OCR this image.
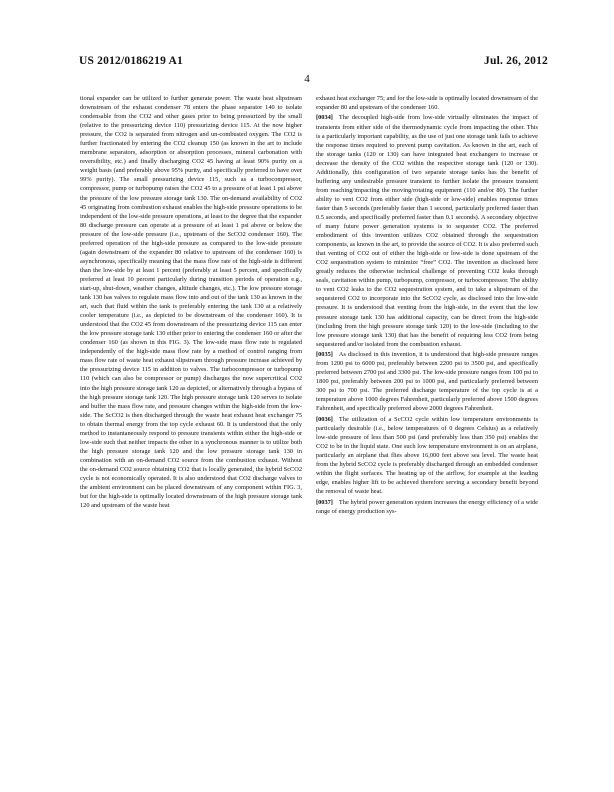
US 2012/0186219 A1	Jul. 26, 2012
4

tional expander can be utilized to further generate power. The waste heat slipstream downstream of the exhaust condenser 78 enters the phase separator 140 to isolate condensable from the CO2 and other gases prior to being pressurized by the small (relative to the pressurizing device 110) pressurizing device 115. At the now higher pressure, the CO2 is separated from nitrogen and un-combusted oxygen. The CO2 is further fractionated by entering the CO2 cleanup 150 (as known in the art to include membrane separators, adsorption or absorption processes, mineral carbonation with reversibility, etc.) and finally discharging CO2 45 having at least 90% purity on a weight basis (and preferably above 95% purity, and specifically preferred to have over 99% purity). The small pressurizing device 115, such as a turbocompressor, compressor, pump or turbopump raises the CO2 45 to a pressure of at least 1 psi above the pressure of the low pressure storage tank 130. The on-demand availability of CO2 45 originating from combustion exhaust enables the high-side pressure operations to be independent of the low-side pressure operations, at least to the degree that the expander 80 discharge pressure can operate at a pressure of at least 1 psi above or below the pressure of the low-side pressure (i.e., upstream of the ScCO2 condenser 160). The preferred operation of the high-side pressure as compared to the low-side pressure (again downstream of the expander 80 relative to upstream of the condenser 160) is asynchronous, specifically meaning that the mass flow rate of the high-side is different than the low-side by at least 1 percent (preferably at least 5 percent, and specifically preferred at least 10 percent particularly during transition periods of operation e.g., start-up, shut-down, weather changes, altitude changes, etc.). The low pressure storage tank 130 has valves to regulate mass flow into and out of the tank 130 as known in the art, such that fluid within the tank is preferably entering the tank 130 at a relatively cooler temperature (i.e., as depicted to be downstream of the condenser 160). It is understood that the CO2 45 from downstream of the pressurizing device 115 can enter the low pressure storage tank 130 either prior to entering the condenser 160 or after the condenser 160 (as shown in this FIG. 3). The low-side mass flow rate is regulated independently of the high-side mass flow rate by a method of control ranging from mass flow rate of waste heat exhaust slipstream through pressure increase achieved by the pressurizing device 115 in addition to valves. The turbocompressor or turbopump 110 (which can also be compressor or pump) discharges the now supercritical CO2 into the high pressure storage tank 120 as depicted, or alternatively through a bypass of the high pressure storage tank 120. The high pressure storage tank 120 serves to isolate and buffer the mass flow rate, and pressure changes within the high-side from the low-side. The ScCO2 is then discharged through the waste heat exhaust heat exchanger 75 to obtain thermal energy from the top cycle exhaust 60. It is understood that the only method to instantaneously respond to pressure transients within either the high-side or low-side such that neither impacts the other in a synchronous manner is to utilize both the high pressure storage tank 120 and the low pressure storage tank 130 in combination with an on-demand CO2 source from the combustion exhaust. Without the on-demand CO2 source obtaining CO2 that is locally generated, the hybrid ScCO2 cycle is not economically operated. It is also understood that CO2 discharge valves to the ambient environment can be placed downstream of any component within FIG. 3, but for the high-side is optimally located downstream of the high pressure storage tank 120 and upstream of the waste heat

exhaust heat exchanger 75; and for the low-side is optimally located downstream of the expander 80 and upstream of the condenser 160.

[0034] The decoupled high-side from low-side virtually eliminates the impact of transients from either side of the thermodynamic cycle from impacting the other. This is a particularly important capability, as the use of just one storage tank fails to achieve the response times required to prevent pump cavitation. As known in the art, each of the storage tanks (120 or 130) can have integrated heat exchangers to increase or decrease the density of the CO2 within the respective storage tank (120 or 130). Additionally, this configuration of two separate storage tanks has the benefit of buffering any undesirable pressure transient to further isolate the pressure transient from reaching/impacting the moving/rotating equipment (110 and/or 80). The further ability to vent CO2 from either side (high-side or low-side) enables response times faster than 5 seconds (preferably faster than 1 second, particularly preferred faster than 0.5 seconds, and specifically preferred faster than 0.1 seconds). A secondary objective of many future power generation systems is to sequester CO2. The preferred embodiment of this invention utilizes CO2 obtained through the sequestration components, as known in the art, to provide the source of CO2. It is also preferred such that venting of CO2 out of either the high-side or low-side is done upstream of the CO2 sequestration system to minimize “free” CO2. The invention as disclosed here greatly reduces the otherwise technical challenge of preventing CO2 leaks through seals, cavitation within pump, turbopump, compressor, or turbocompressor. The ability to vent CO2 leaks to the CO2 sequestration system, and to take a slipstream of the sequestered CO2 to incorporate into the ScCO2 cycle, as disclosed into the low-side pressure. It is understood that venting from the high-side, in the event that the low pressure storage tank 130 has additional capacity, can be direct from the high-side (including from the high pressure storage tank 120) to the low-side (including to the low pressure storage tank 130) that has the benefit of requiring less CO2 from being sequestered and/or isolated from the combustion exhaust.

[0035] As disclosed in this invention, it is understood that high-side pressure ranges from 1200 psi to 6000 psi, preferably between 2200 psi to 3500 psi, and specifically preferred between 2700 psi and 3300 psi. The low-side pressure ranges from 100 psi to 1800 psi, preferably between 200 psi to 1000 psi, and particularly preferred between 300 psi to 700 psi. The preferred discharge temperature of the top cycle is at a temperature above 1000 degrees Fahrenheit, particularly preferred above 1500 degrees Fahrenheit, and specifically preferred above 2000 degrees Fahrenheit.

[0036] The utilization of a ScCO2 cycle within low temperature environments is particularly desirable (i.e., below temperatures of 0 degrees Celsius) as a relatively low-side pressure of less than 500 psi (and preferably less than 350 psi) enables the CO2 to be in the liquid state. One such low temperature environment is on an airplane, particularly an airplane that flies above 16,000 feet above sea level. The waste heat from the hybrid ScCO2 cycle is preferably discharged through an embedded condenser within the flight surfaces. The heating up of the airflow, for example at the leading edge, enables higher lift to be achieved therefore serving a secondary benefit beyond the removal of waste heat.

[0037] The hybrid power generation system increases the energy efficiency of a wide range of energy production sys-
